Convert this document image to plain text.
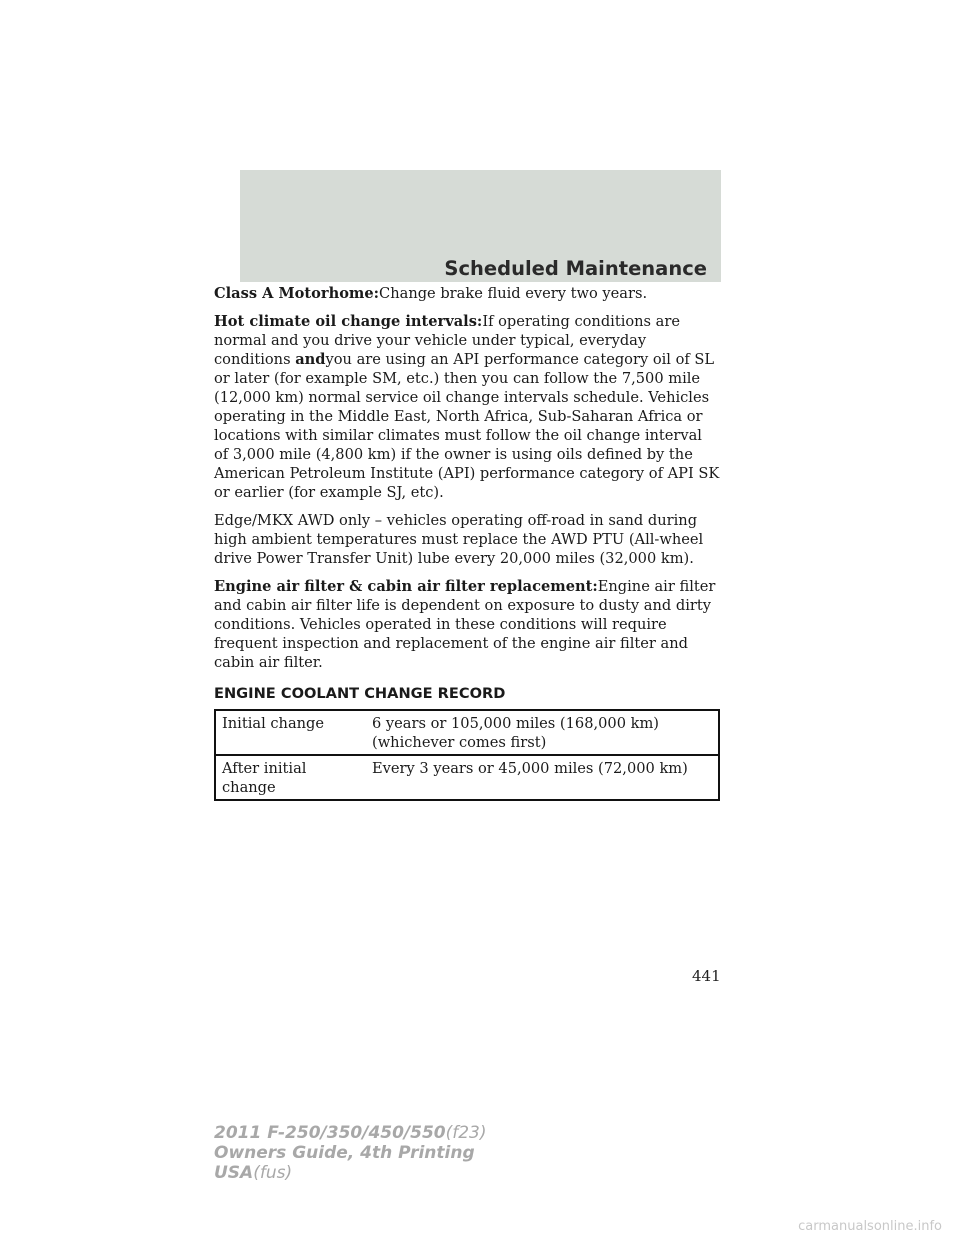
Scheduled Maintenance

Class A Motorhome:Change brake fluid every two years.

Hot climate oil change intervals:If operating conditions are normal and you drive your vehicle under typical, everyday conditions andyou are using an API performance category oil of SL or later (for example SM, etc.) then you can follow the 7,500 mile (12,000 km) normal service oil change intervals schedule. Vehicles operating in the Middle East, North Africa, Sub-Saharan Africa or locations with similar climates must follow the oil change interval of 3,000 mile (4,800 km) if the owner is using oils defined by the American Petroleum Institute (API) performance category of API SK or earlier (for example SJ, etc).

Edge/MKX AWD only – vehicles operating off-road in sand during high ambient temperatures must replace the AWD PTU (All-wheel drive Power Transfer Unit) lube every 20,000 miles (32,000 km).

Engine air filter & cabin air filter replacement:Engine air filter and cabin air filter life is dependent on exposure to dusty and dirty conditions. Vehicles operated in these conditions will require frequent inspection and replacement of the engine air filter and cabin air filter.

ENGINE COOLANT CHANGE RECORD
Initial change	6 years or 105,000 miles (168,000 km)
(whichever comes first)

After initial change	Every 3 years or 45,000 miles (72,000 km)
441
2011 F-250/350/450/550(f23)
Owners Guide, 4th Printing
USA(fus)
carmanualsonline.info
